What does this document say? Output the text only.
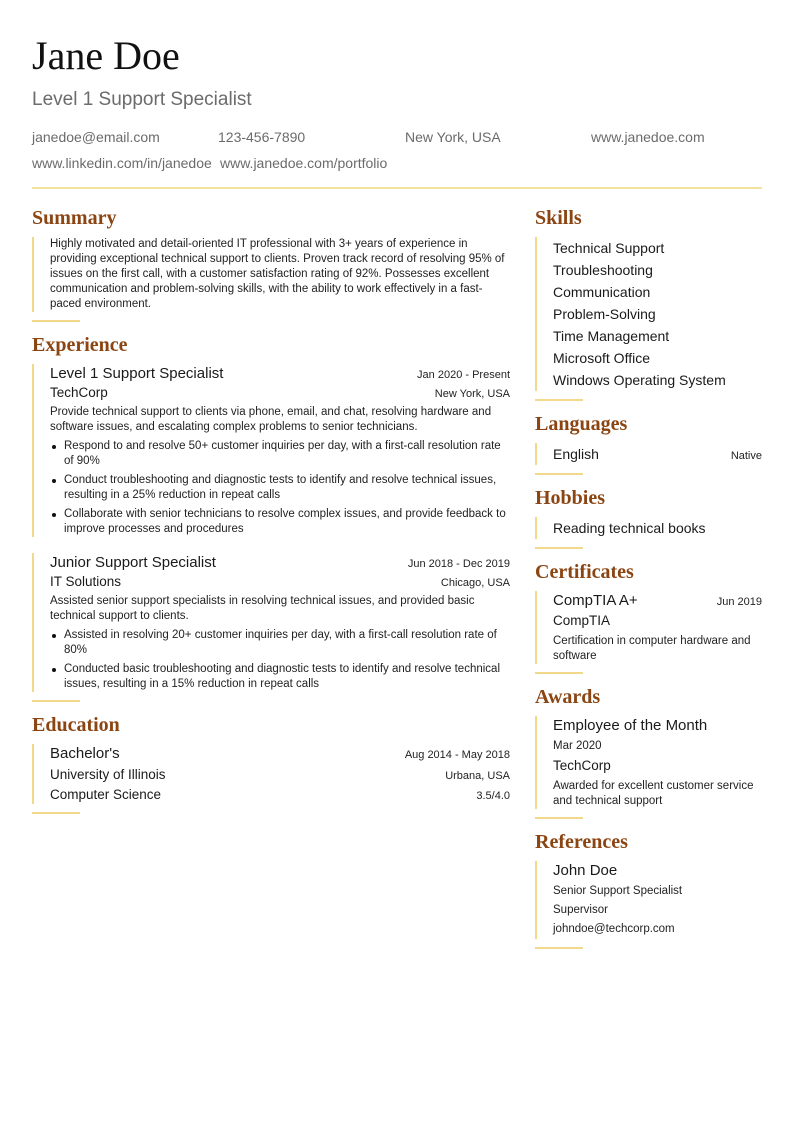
Jane Doe
Level 1 Support Specialist
janedoe@email.com	123-456-7890	New York, USA	www.janedoe.com
www.linkedin.com/in/janedoe www.janedoe.com/portfolio
Summary

Highly motivated and detail-oriented IT professional with 3+ years of experience in providing exceptional technical support to clients. Proven track record of resolving 95% of issues on the first call, with a customer satisfaction rating of 92%. Possesses excellent communication and problem-solving skills, with the ability to work effectively in a fast-paced environment.

Experience
Level 1 Support Specialist	Jan 2020 - Present
TechCorp	New York, USA

Provide technical support to clients via phone, email, and chat, resolving hardware and software issues, and escalating complex problems to senior technicians.

Respond to and resolve 50+ customer inquiries per day, with a first-call resolution rate of 90%
Conduct troubleshooting and diagnostic tests to identify and resolve technical issues, resulting in a 25% reduction in repeat calls
Collaborate with senior technicians to resolve complex issues, and provide feedback to improve processes and procedures
Junior Support Specialist	Jun 2018 - Dec 2019
IT Solutions	Chicago, USA

Assisted senior support specialists in resolving technical issues, and provided basic technical support to clients.

Assisted in resolving 20+ customer inquiries per day, with a first-call resolution rate of 80%
Conducted basic troubleshooting and diagnostic tests to identify and resolve technical issues, resulting in a 15% reduction in repeat calls
Education
Bachelor's	Aug 2014 - May 2018
University of Illinois	Urbana, USA
Computer Science	3.5/4.0
Skills
Technical Support
Troubleshooting
Communication
Problem-Solving
Time Management
Microsoft Office
Windows Operating System
Languages
English	Native
Hobbies
Reading technical books
Certificates
CompTIA A+	Jun 2019
CompTIA
Certification in computer hardware and software
Awards
Employee of the Month
Mar 2020
TechCorp
Awarded for excellent customer service and technical support
References
John Doe
Senior Support Specialist
Supervisor
johndoe@techcorp.com
